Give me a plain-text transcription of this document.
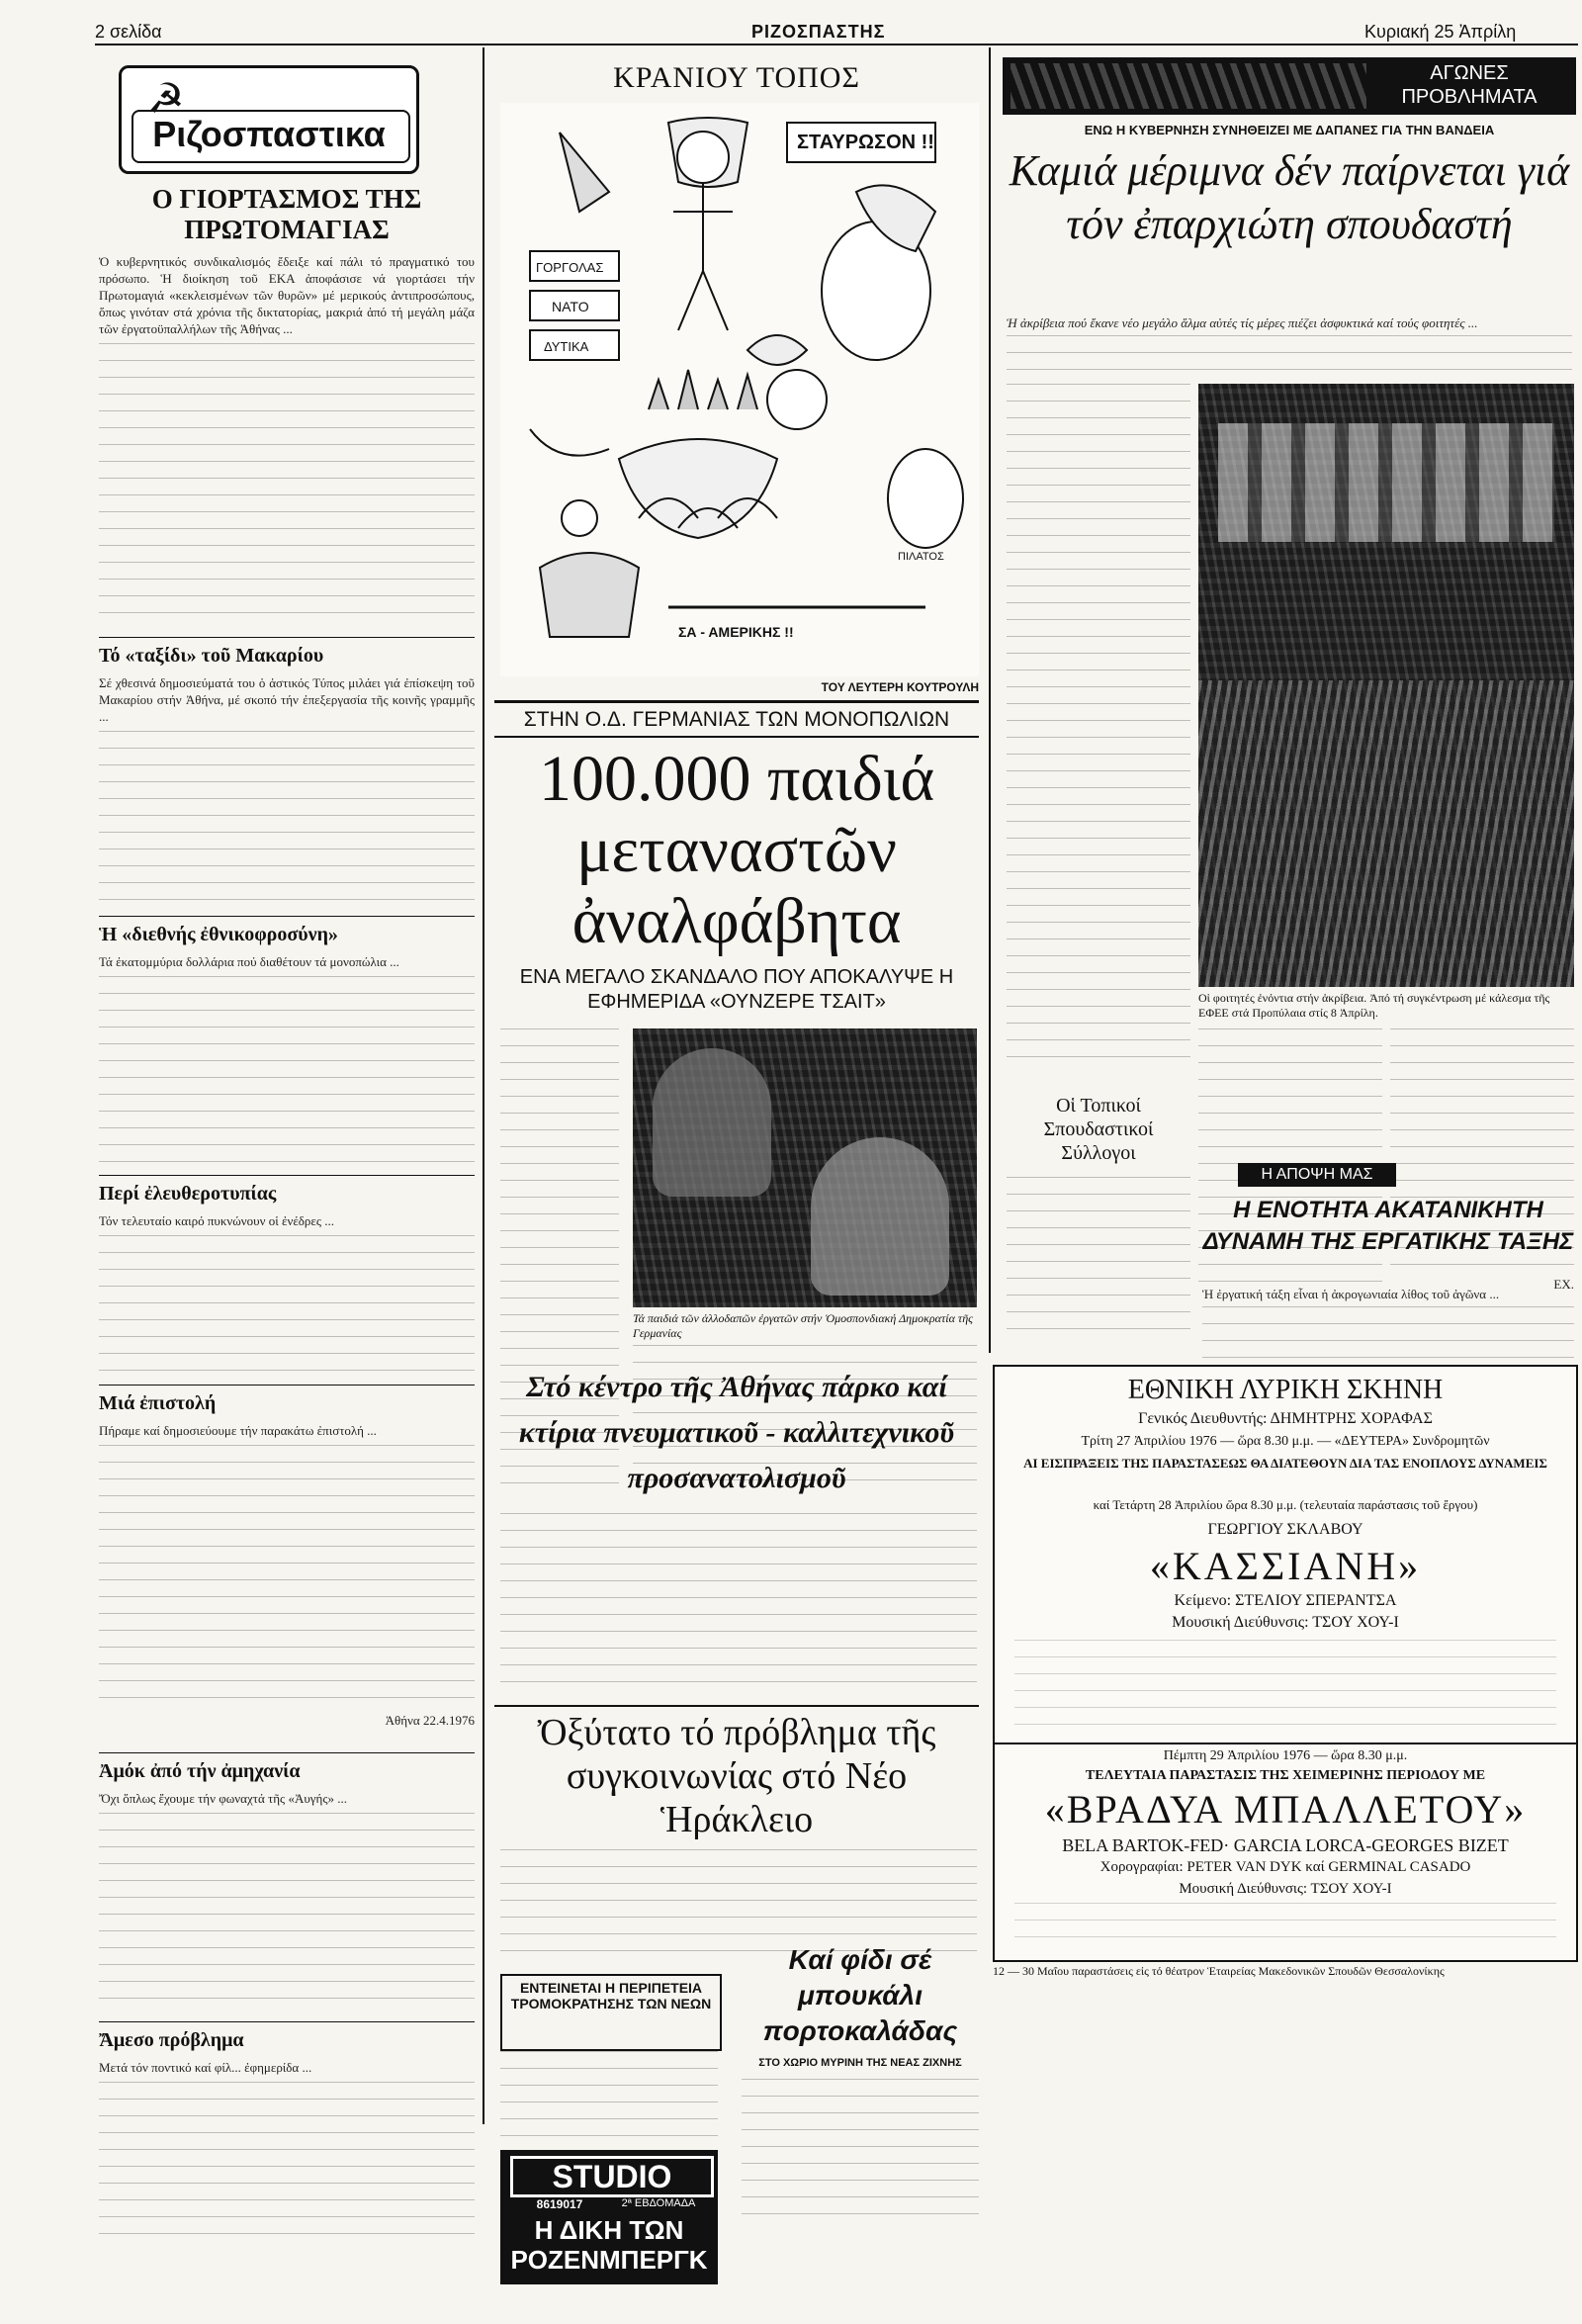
2 σελίδα	ΡΙΖΟΣΠΑΣΤΗΣ	Κυριακή 25 Ἀπρίλη
☭
Ριζοσπαστικα
Ο ΓΙΟΡΤΑΣΜΟΣ ΤΗΣ ΠΡΩΤΟΜΑΓΙΑΣ
Ὁ κυβερνητικός συνδικαλισμός ἔδειξε καί πάλι τό πραγματικό του πρόσωπο. Ἡ διοίκηση τοῦ ΕΚΑ ἀποφάσισε νά γιορτάσει τήν Πρωτομαγιά «κεκλεισμένων τῶν θυρῶν» μέ μερικούς ἀντιπροσώπους, ὅπως γινόταν στά χρόνια τῆς δικτατορίας, μακριά ἀπό τή μεγάλη μάζα τῶν ἐργατοϋπαλλήλων τῆς Ἀθήνας ...
Τό «ταξίδι» τοῦ Μακαρίου
Σέ χθεσινά δημοσιεύματά του ὁ ἀστικός Τύπος μιλάει γιά ἐπίσκεψη τοῦ Μακαρίου στήν Ἀθήνα, μέ σκοπό τήν ἐπεξεργασία τῆς κοινῆς γραμμῆς ...
Ἡ «διεθνής ἐθνικοφροσύνη»
Τά ἐκατομμύρια δολλάρια πού διαθέτουν τά μονοπώλια ...
Περί ἐλευθεροτυπίας
Τόν τελευταίο καιρό πυκνώνουν οἱ ἐνέδρες ...
Μιά ἐπιστολή
Πήραμε καί δημοσιεύουμε τήν παρακάτω ἐπιστολή ...
Ἀθήνα 22.4.1976
Ἀμόκ ἀπό τήν ἀμηχανία
Ὄχι ὅπλως ἔχουμε τήν φωναχτά τῆς «Ἀυγής» ...
Ἄμεσο πρόβλημα
Μετά τόν ποντικό καί φίλ... ἐφημερίδα ...
ΚΡΑΝΙΟΥ ΤΟΠΟΣ
ΣΤΑΥΡΩΣΟΝ !!
ΓΟΡΓΟΛΑΣ
ΝΑΤΟ
ΔΥΤΙΚΑ
ΣΑ - ΑΜΕΡΙΚΗΣ !!
ΠΙΛΑΤΟΣ
ΤΟΥ ΛΕΥΤΕΡΗ ΚΟΥΤΡΟΥΛΗ
ΣΤΗΝ Ο.Δ. ΓΕΡΜΑΝΙΑΣ ΤΩΝ ΜΟΝΟΠΩΛΙΩΝ
100.000 παιδιά μεταναστῶν ἀναλφάβητα
ΕΝΑ ΜΕΓΑΛΟ ΣΚΑΝΔΑΛΟ ΠΟΥ ΑΠΟΚΑΛΥΨΕ Η ΕΦΗΜΕΡΙΔΑ «ΟΥΝΖΕΡΕ ΤΣΑΙΤ»
Τά παιδιά τῶν ἀλλοδαπῶν ἐργατῶν στήν Ὁμοσπονδιακή Δημοκρατία τῆς Γερμανίας
Στό κέντρο τῆς Ἀθήνας πάρκο καί κτίρια πνευματικοῦ - καλλιτεχνικοῦ προσανατολισμοῦ
Ὀξύτατο τό πρόβλημα τῆς συγκοινωνίας στό Νέο Ἡράκλειο
ΕΝΤΕΙΝΕΤΑΙ Η ΠΕΡΙΠΕΤΕΙΑ ΤΡΟΜΟΚΡΑΤΗΣΗΣ ΤΩΝ ΝΕΩΝ
Καί φίδι σέ μπουκάλι πορτοκαλάδας
ΣΤΟ ΧΩΡΙΟ ΜΥΡΙΝΗ ΤΗΣ ΝΕΑΣ ΖΙΧΝΗΣ
STUDIO
8619017	2ª ΕΒΔΟΜΑΔΑ
Η ΔΙΚΗ ΤΩΝ ΡΟΖΕΝΜΠΕΡΓΚ
ΑΓΩΝΕΣ ΠΡΟΒΛΗΜΑΤΑ
ΕΝΩ Η ΚΥΒΕΡΝΗΣΗ ΣΥΝΗΘΕΙΖΕΙ ΜΕ ΔΑΠΑΝΕΣ ΓΙΑ ΤΗΝ ΒΑΝΔΕΙΑ
Καμιά μέριμνα δέν παίρνεται γιά τόν ἐπαρχιώτη σπουδαστή
Ἡ ἀκρίβεια πού ἔκανε νέο μεγάλο ἅλμα αὐτές τίς μέρες πιέζει ἀσφυκτικά καί τούς φοιτητές ...
Οἱ φοιτητές ἐνόντια στήν ἀκρίβεια. Ἀπό τή συγκέντρωση μέ κάλεσμα τῆς ΕΦΕΕ στά Προπύλαια στίς 8 Ἀπρίλη.
ΕΧ.
Οἱ Τοπικοί Σπουδαστικοί Σύλλογοι
Η ΑΠΟΨΗ ΜΑΣ
Η ΕΝΟΤΗΤΑ ΑΚΑΤΑΝΙΚΗΤΗ ΔΥΝΑΜΗ ΤΗΣ ΕΡΓΑΤΙΚΗΣ ΤΑΞΗΣ
Ἡ ἐργατική τάξη εἶναι ἡ ἀκρογωνιαία λίθος τοῦ ἀγῶνα ...
ΕΘΝΙΚΗ ΛΥΡΙΚΗ ΣΚΗΝΗ
Γενικός Διευθυντής: ΔΗΜΗΤΡΗΣ ΧΟΡΑΦΑΣ
Τρίτη 27 Ἀπριλίου 1976 — ὥρα 8.30 μ.μ. — «ΔΕΥΤΕΡΑ» Συνδρομητῶν
ΑΙ ΕΙΣΠΡΑΞΕΙΣ ΤΗΣ ΠΑΡΑΣΤΑΣΕΩΣ ΘΑ ΔΙΑΤΕΘΟΥΝ ΔΙΑ ΤΑΣ ΕΝΟΠΛΟΥΣ ΔΥΝΑΜΕΙΣ
καί Τετάρτη 28 Ἀπριλίου ὥρα 8.30 μ.μ. (τελευταία παράστασις τοῦ ἔργου)
ΓΕΩΡΓΙΟΥ ΣΚΛΑΒΟΥ
«ΚΑΣΣΙΑΝΗ»
Κείμενο: ΣΤΕΛΙΟΥ ΣΠΕΡΑΝΤΣΑ
Μουσική Διεύθυνσις: ΤΣΟΥ ΧΟΥ-Ι
Πέμπτη 29 Ἀπριλίου 1976 — ὥρα 8.30 μ.μ.
ΤΕΛΕΥΤΑΙΑ ΠΑΡΑΣΤΑΣΙΣ ΤΗΣ ΧΕΙΜΕΡΙΝΗΣ ΠΕΡΙΟΔΟΥ ΜΕ
«ΒΡΑΔΥΑ ΜΠΑΛΛΕΤΟΥ»
BELA BARTOK-FED· GARCIA LORCA-GEORGES BIZET
Χορογραφίαι: PETER VAN DYK καί GERMINAL CASADO
Μουσική Διεύθυνσις: ΤΣΟΥ ΧΟΥ-Ι
12 — 30 Μαΐου παραστάσεις εἰς τό θέατρον Ἑταιρείας Μακεδονικῶν Σπουδῶν Θεσσαλονίκης
